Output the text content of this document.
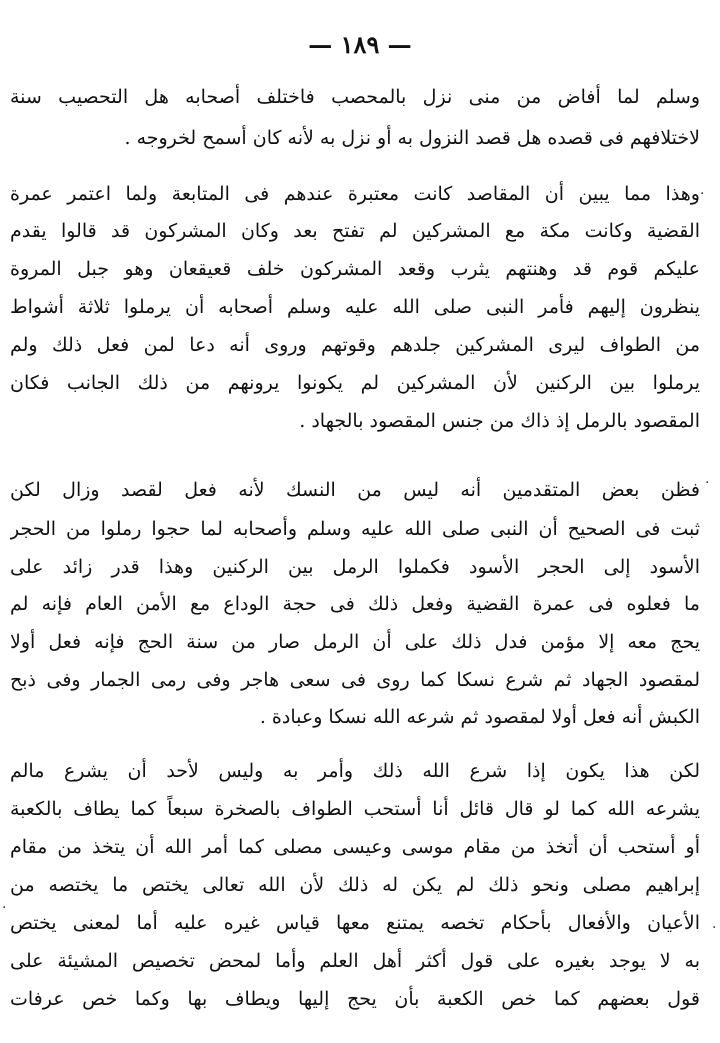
— ١٨٩ —
وسلم لما أفاض من منى نزل بالمحصب فاختلف أصحابه هل التحصيب سنة
لاختلافهم فى قصده هل قصد النزول به أو نزل به لأنه كان أسمح لخروجه .
وهذا مما يبين أن المقاصد كانت معتبرة عندهم فى المتابعة ولما اعتمر عمرة
القضية وكانت مكة مع المشركين لم تفتح بعد وكان المشركون قد قالوا يقدم
عليكم قوم قد وهنتهم يثرب وقعد المشركون خلف قعيقعان وهو جبل المروة
ينظرون إليهم فأمر النبى صلى الله عليه وسلم أصحابه أن يرملوا ثلاثة أشواط
من الطواف ليرى المشركين جلدهم وقوتهم وروى أنه دعا لمن فعل ذلك ولم
يرملوا بين الركنين لأن المشركين لم يكونوا يرونهم من ذلك الجانب فكان
المقصود بالرمل إذ ذاك من جنس المقصود بالجهاد .
فظن بعض المتقدمين أنه ليس من النسك لأنه فعل لقصد وزال لكن
ثبت فى الصحيح أن النبى صلى الله عليه وسلم وأصحابه لما حجوا رملوا من الحجر
الأسود إلى الحجر الأسود فكملوا الرمل بين الركنين وهذا قدر زائد على
ما فعلوه فى عمرة القضية وفعل ذلك فى حجة الوداع مع الأمن العام فإنه لم
يحج معه إلا مؤمن فدل ذلك على أن الرمل صار من سنة الحج فإنه فعل أولا
لمقصود الجهاد ثم شرع نسكا كما روى فى سعى هاجر وفى رمى الجمار وفى ذبح
الكبش أنه فعل أولا لمقصود ثم شرعه الله نسكا وعبادة .
لكن هذا يكون إذا شرع الله ذلك وأمر به وليس لأحد أن يشرع مالم
يشرعه الله كما لو قال قائل أنا أستحب الطواف بالصخرة سبعاً كما يطاف بالكعبة
أو أستحب أن أتخذ من مقام موسى وعيسى مصلى كما أمر الله أن يتخذ من مقام
إبراهيم مصلى ونحو ذلك لم يكن له ذلك لأن الله تعالى يختص ما يختصه من
الأعيان والأفعال بأحكام تخصه يمتنع معها قياس غيره عليه أما لمعنى يختص
به لا يوجد بغيره على قول أكثر أهل العلم وأما لمحض تخصيص المشيئة على
قول بعضهم كما خص الكعبة بأن يحج إليها ويطاف بها وكما خص عرفات
·
·
·
·
